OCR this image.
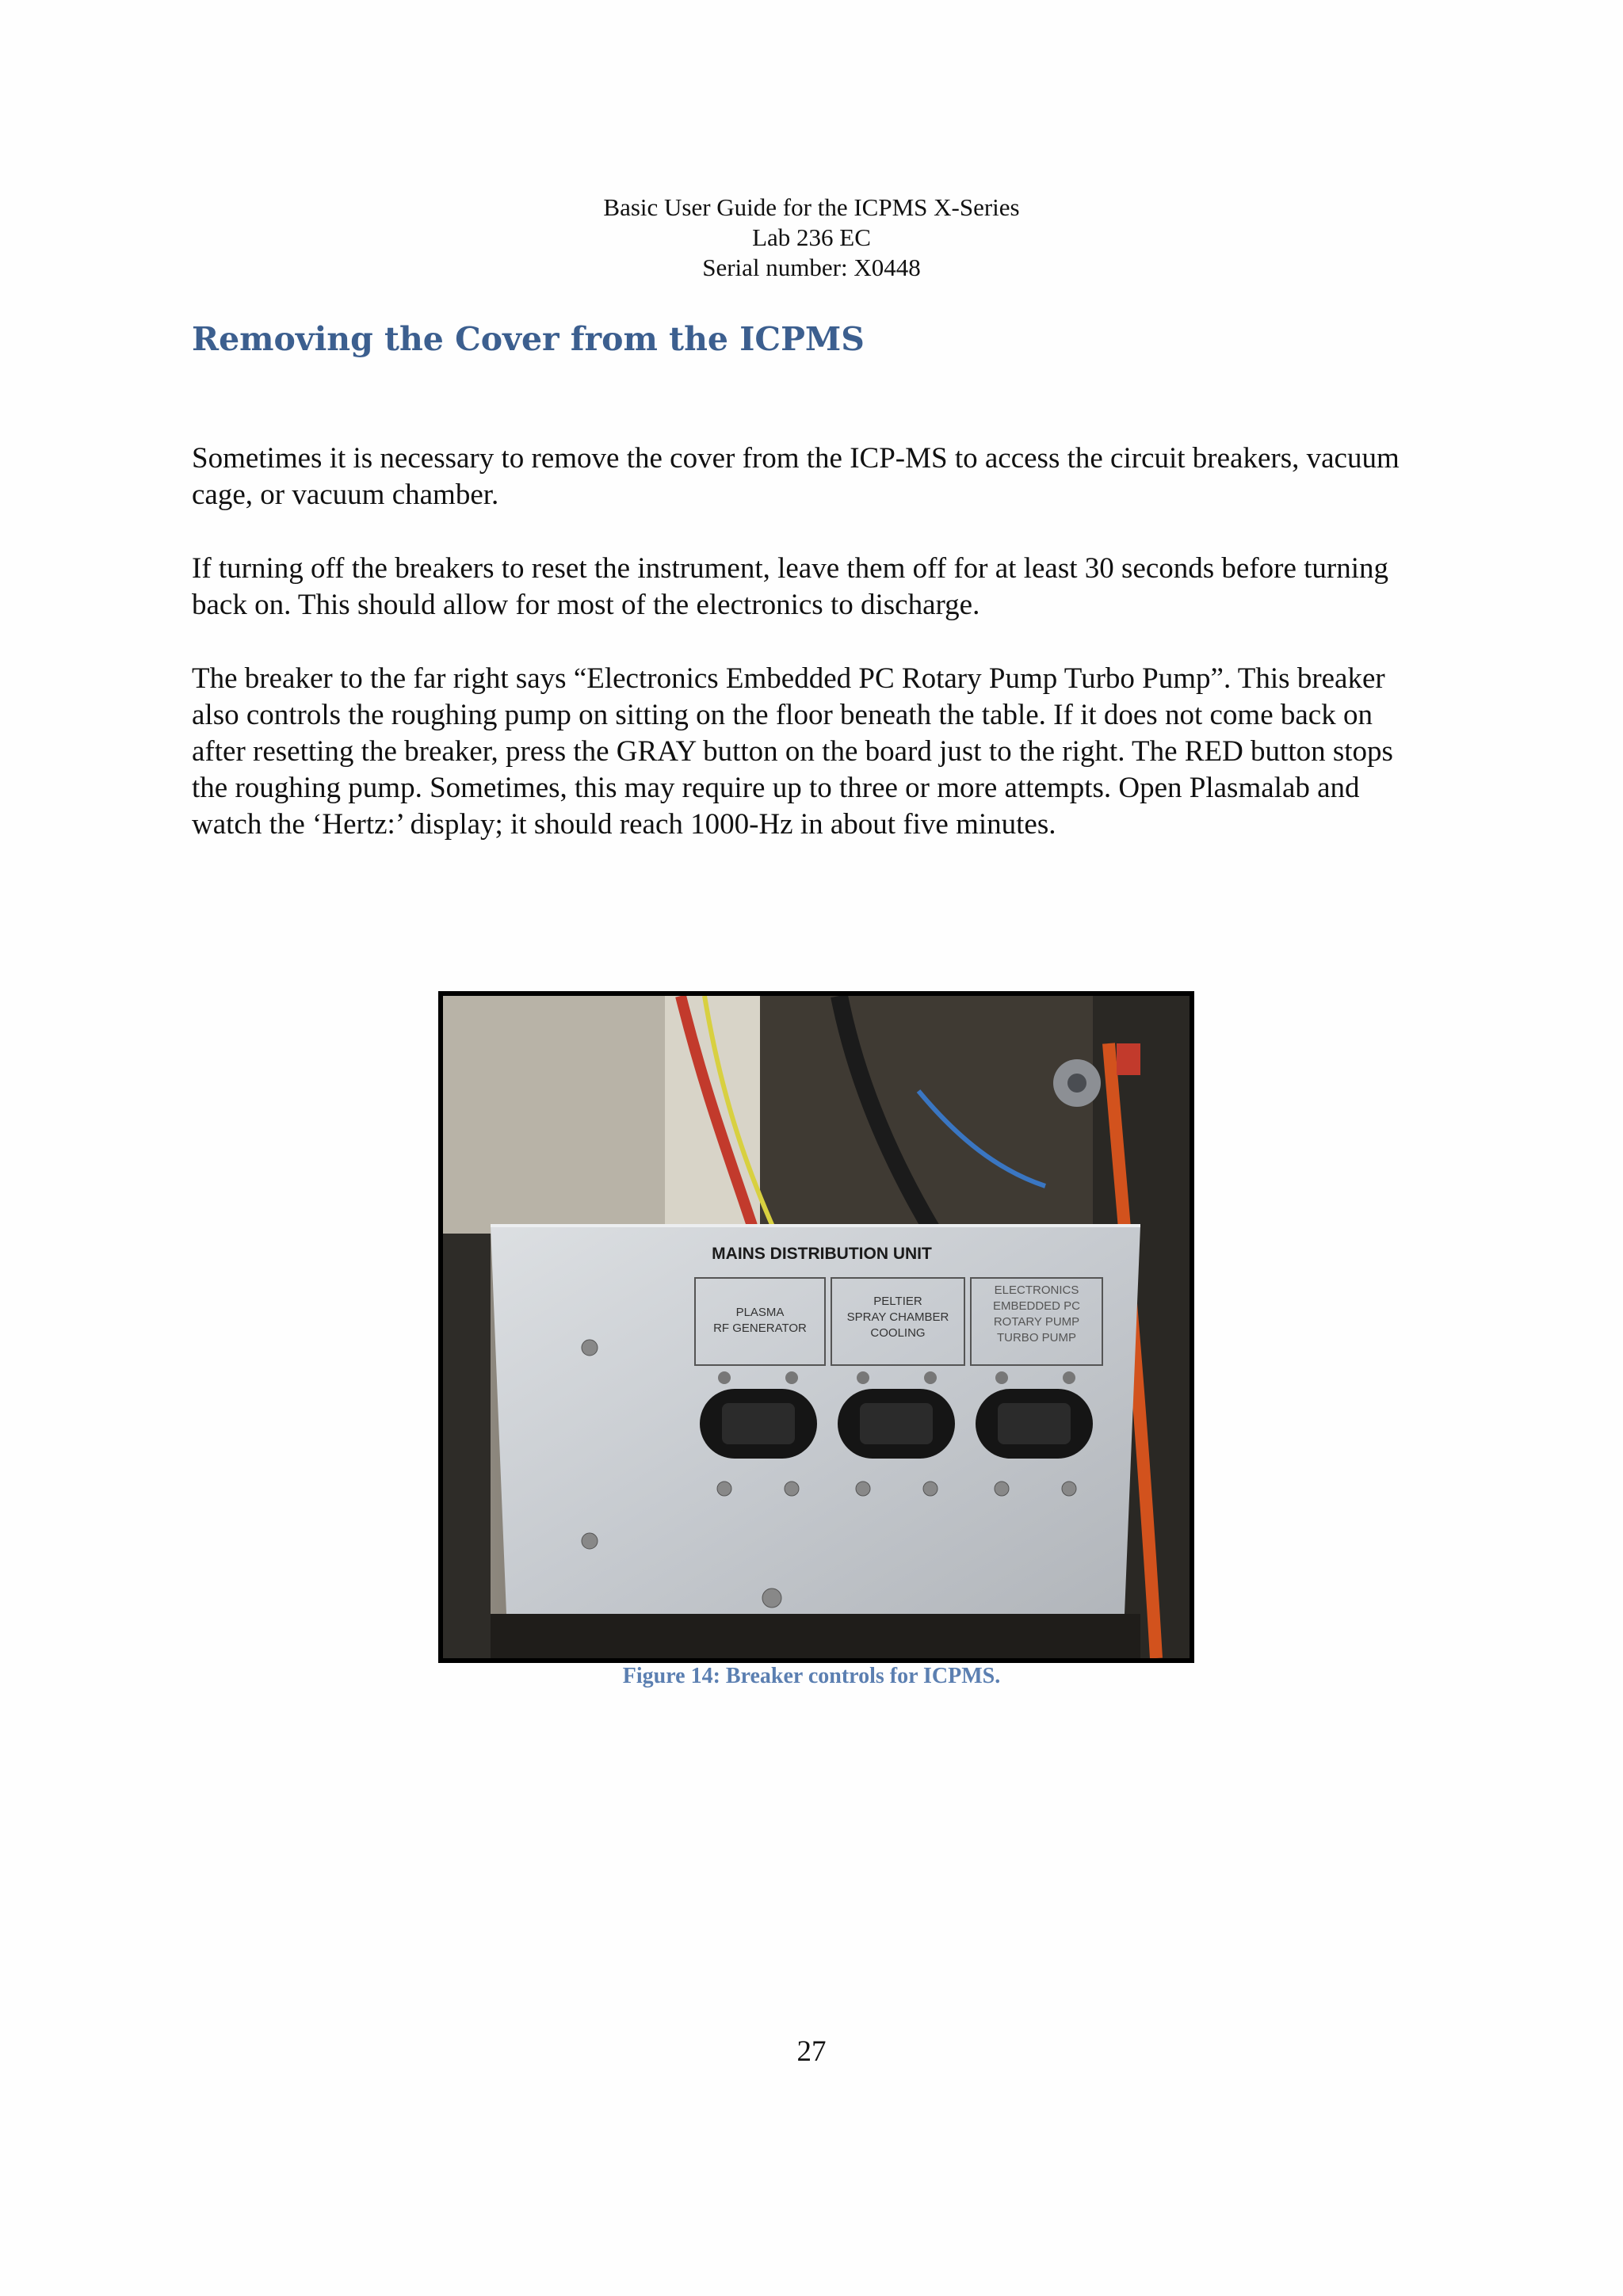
Basic User Guide for the ICPMS X-Series
Lab 236 EC
Serial number: X0448
Removing the Cover from the ICPMS

Sometimes it is necessary to remove the cover from the ICP-MS to access the circuit breakers, vacuum cage, or vacuum chamber.

If turning off the breakers to reset the instrument, leave them off for at least 30 seconds before turning back on. This should allow for most of the electronics to discharge.

The breaker to the far right says “Electronics Embedded PC Rotary Pump Turbo Pump”. This breaker also controls the roughing pump on sitting on the floor beneath the table. If it does not come back on after resetting the breaker, press the GRAY button on the board just to the right. The RED button stops the roughing pump. Sometimes, this may require up to three or more attempts. Open Plasmalab and watch the ‘Hertz:’ display; it should reach 1000-Hz in about five minutes.

MAINS DISTRIBUTION UNIT
PLASMA
RF GENERATOR
PELTIER
SPRAY CHAMBER
COOLING
ELECTRONICS
EMBEDDED PC
ROTARY PUMP
TURBO PUMP
Figure 14: Breaker controls for ICPMS.
27
